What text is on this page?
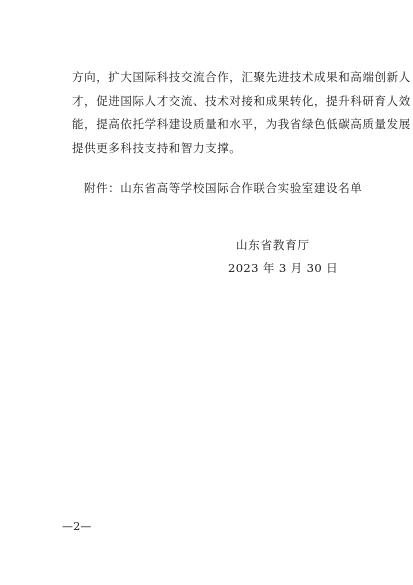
方向，扩大国际科技交流合作，汇聚先进技术成果和高端创新人
才，促进国际人才交流、技术对接和成果转化，提升科研育人效
能，提高依托学科建设质量和水平，为我省绿色低碳高质量发展
提供更多科技支持和智力支撑。
附件：山东省高等学校国际合作联合实验室建设名单
山东省教育厅
2023 年 3 月 30 日
—2—
